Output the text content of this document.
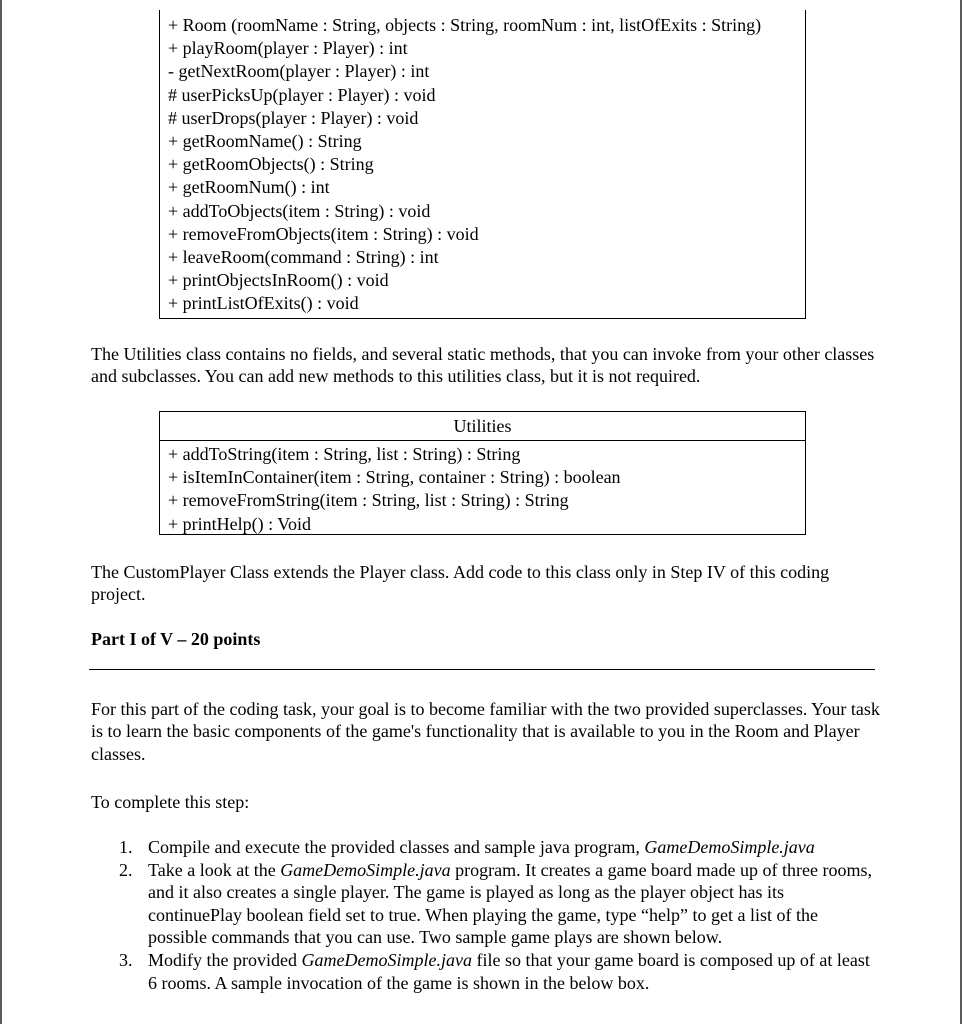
+ Room (roomName : String, objects : String, roomNum : int, listOfExits : String)
+ playRoom(player : Player) : int
- getNextRoom(player : Player) : int
# userPicksUp(player : Player) : void
# userDrops(player : Player) : void
+ getRoomName() : String
+ getRoomObjects() : String
+ getRoomNum() : int
+ addToObjects(item : String) : void
+ removeFromObjects(item : String) : void
+ leaveRoom(command : String) : int
+ printObjectsInRoom() : void
+ printListOfExits() : void
The Utilities class contains no fields, and several static methods, that you can invoke from your other classes and subclasses. You can add new methods to this utilities class, but it is not required.
Utilities
+ addToString(item : String, list : String) : String
+ isItemInContainer(item : String, container : String) : boolean
+ removeFromString(item : String, list : String) : String
+ printHelp() : Void
The CustomPlayer Class extends the Player class. Add code to this class only in Step IV of this coding project.
Part I of V – 20 points
For this part of the coding task, your goal is to become familiar with the two provided superclasses. Your task is to learn the basic components of the game's functionality that is available to you in the Room and Player classes.
To complete this step:
1. Compile and execute the provided classes and sample java program, GameDemoSimple.java
2. Take a look at the GameDemoSimple.java program. It creates a game board made up of three rooms, and it also creates a single player. The game is played as long as the player object has its continuePlay boolean field set to true. When playing the game, type “help” to get a list of the possible commands that you can use. Two sample game plays are shown below.
3. Modify the provided GameDemoSimple.java file so that your game board is composed up of at least 6 rooms. A sample invocation of the game is shown in the below box.
